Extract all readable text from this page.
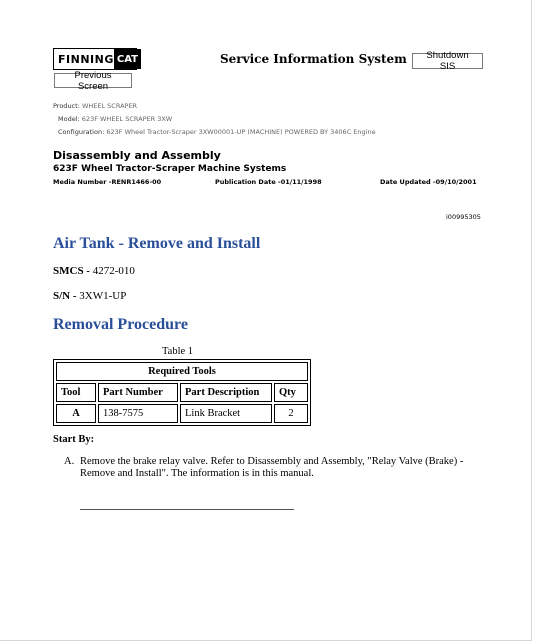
FINNING CAT	Service Information System	Shutdown SIS
Previous Screen
Product: WHEEL SCRAPER
Model: 623F WHEEL SCRAPER 3XW
Configuration: 623F Wheel Tractor-Scraper 3XW00001-UP (MACHINE) POWERED BY 3406C Engine
Disassembly and Assembly
623F Wheel Tractor-Scraper Machine Systems
Media Number -RENR1466-00	Publication Date -01/11/1998	Date Updated -09/10/2001
i00995305
Air Tank - Remove and Install
SMCS - 4272-010
S/N - 3XW1-UP
Removal Procedure
Table 1
Required Tools			
Tool	Part Number	Part Description	Qty
A	138-7575	Link Bracket	2
Start By:
A. Remove the brake relay valve. Refer to Disassembly and Assembly, "Relay Valve (Brake) - Remove and Install". The information is in this manual.
